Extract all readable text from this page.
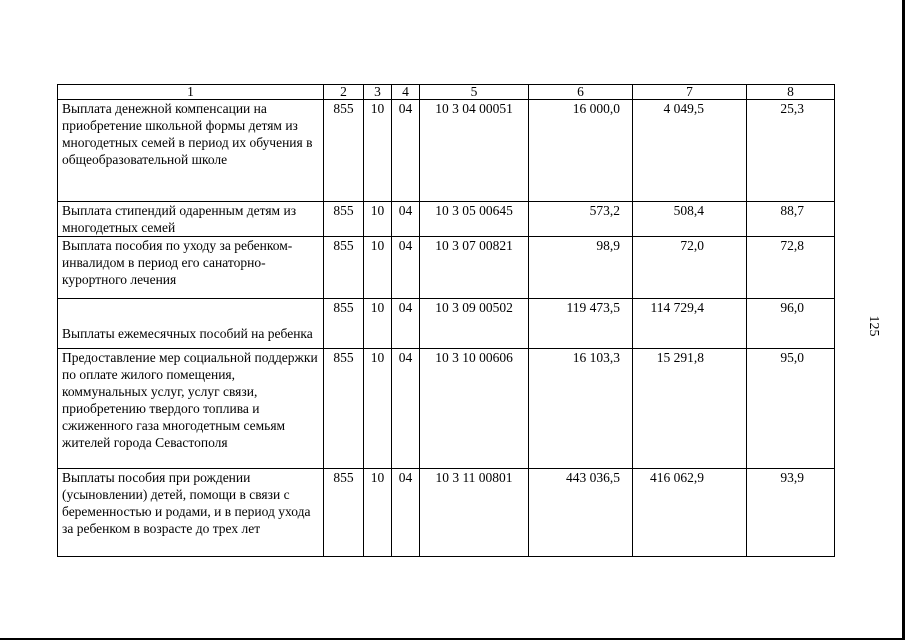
1	2	3	4	5	6	7	8
Выплата денежной компенсации на приобретение школьной формы детям из многодетных семей в период их обучения в общеобразовательной школе	855	10	04	10 3 04 00051	16 000,0	4 049,5	25,3
Выплата стипендий одаренным детям из многодетных семей	855	10	04	10 3 05 00645	573,2	508,4	88,7
Выплата пособия по уходу за ребенком-инвалидом в период его санаторно-курортного лечения	855	10	04	10 3 07 00821	98,9	72,0	72,8
Выплаты ежемесячных пособий на ребенка	855	10	04	10 3 09 00502	119 473,5	114 729,4	96,0
Предоставление мер социальной поддержки по оплате жилого помещения, коммунальных услуг, услуг связи, приобретению твердого топлива и сжиженного газа многодетным семьям жителей города Севастополя	855	10	04	10 3 10 00606	16 103,3	15 291,8	95,0
Выплаты пособия при рождении (усыновлении) детей, помощи в связи с беременностью и родами, и в период ухода за ребенком в возрасте до трех лет	855	10	04	10 3 11 00801	443 036,5	416 062,9	93,9
125
